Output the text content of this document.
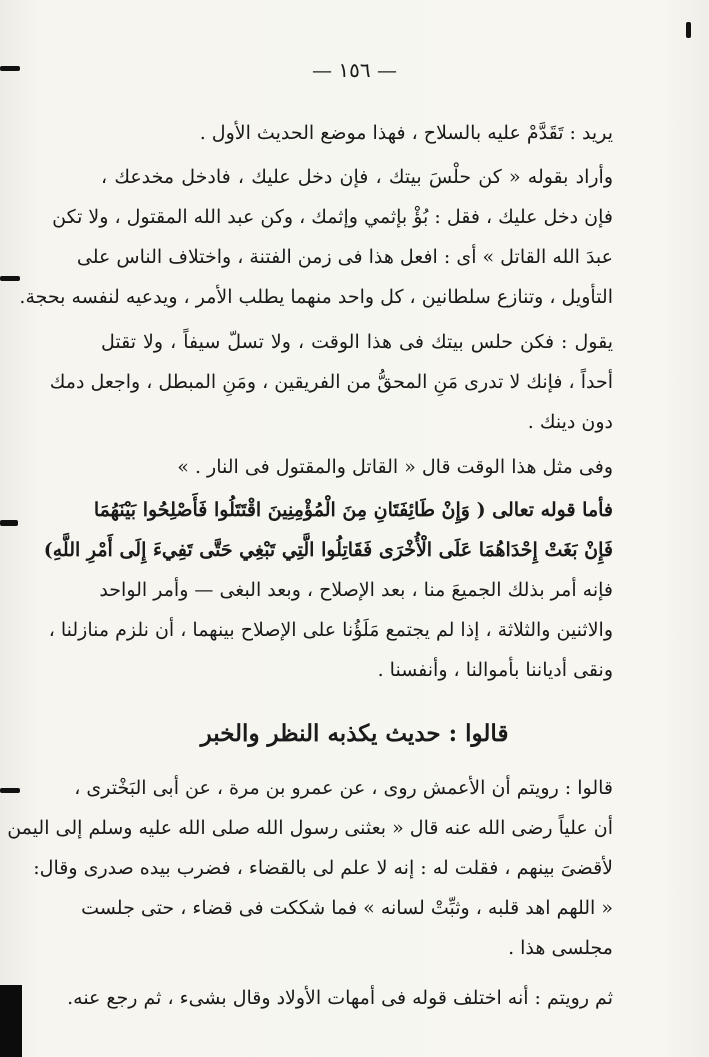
— ١٥٦ —
يريد : تَقَدَّمْ عليه بالسلاح ، فهذا موضع الحديث الأول .
وأراد بقوله « كن حلْسَ بيتك ، فإن دخل عليك ، فادخل مخدعك ،
فإن دخل عليك ، فقل : بُؤْ بإثمي وإثمك ، وكن عبد الله المقتول ، ولا تكن
عبدَ الله القاتل » أى : افعل هذا فى زمن الفتنة ، واختلاف الناس على
التأويل ، وتنازع سلطانين ، كل واحد منهما يطلب الأمر ، ويدعيه لنفسه بحجة.
يقول : فكن حلس بيتك فى هذا الوقت ، ولا تسلّ سيفاً ، ولا تقتل
أحداً ، فإنك لا تدرى مَنِ المحقُّ من الفريقين ، ومَنِ المبطل ، واجعل دمك
دون دينك .
وفى مثل هذا الوقت قال « القاتل والمقتول فى النار . »
فأما قوله تعالى ( وَإِنْ طَائِفَتَانِ مِنَ الْمُؤْمِنِينَ اقْتَتَلُوا فَأَصْلِحُوا بَيْنَهُمَا
فَإِنْ بَغَتْ إِحْدَاهُمَا عَلَى الْأُخْرَى فَقَاتِلُوا الَّتِي تَبْغِي حَتَّى تَفِيءَ إِلَى أَمْرِ اللَّهِ)
فإنه أمر بذلك الجميعَ منا ، بعد الإصلاح ، وبعد البغى — وأمر الواحد
والاثنين والثلاثة ، إذا لم يجتمع مَلَؤُنا على الإصلاح بينهما ، أن نلزم منازلنا ،
ونقى أدياننا بأموالنا ، وأنفسنا .
قالوا : حديث يكذبه النظر والخبر
قالوا : رويتم أن الأعمش روى ، عن عمرو بن مرة ، عن أبى البَخْترى ،
أن علياً رضى الله عنه قال « بعثنى رسول الله صلى الله عليه وسلم إلى اليمن
لأقضىَ بينهم ، فقلت له : إنه لا علم لى بالقضاء ، فضرب بيده صدرى وقال:
« اللهم اهد قلبه ، وثبِّتْ لسانه » فما شككت فى قضاء ، حتى جلست
مجلسى هذا .
ثم رويتم : أنه اختلف قوله فى أمهات الأولاد وقال بشىء ، ثم رجع عنه.
